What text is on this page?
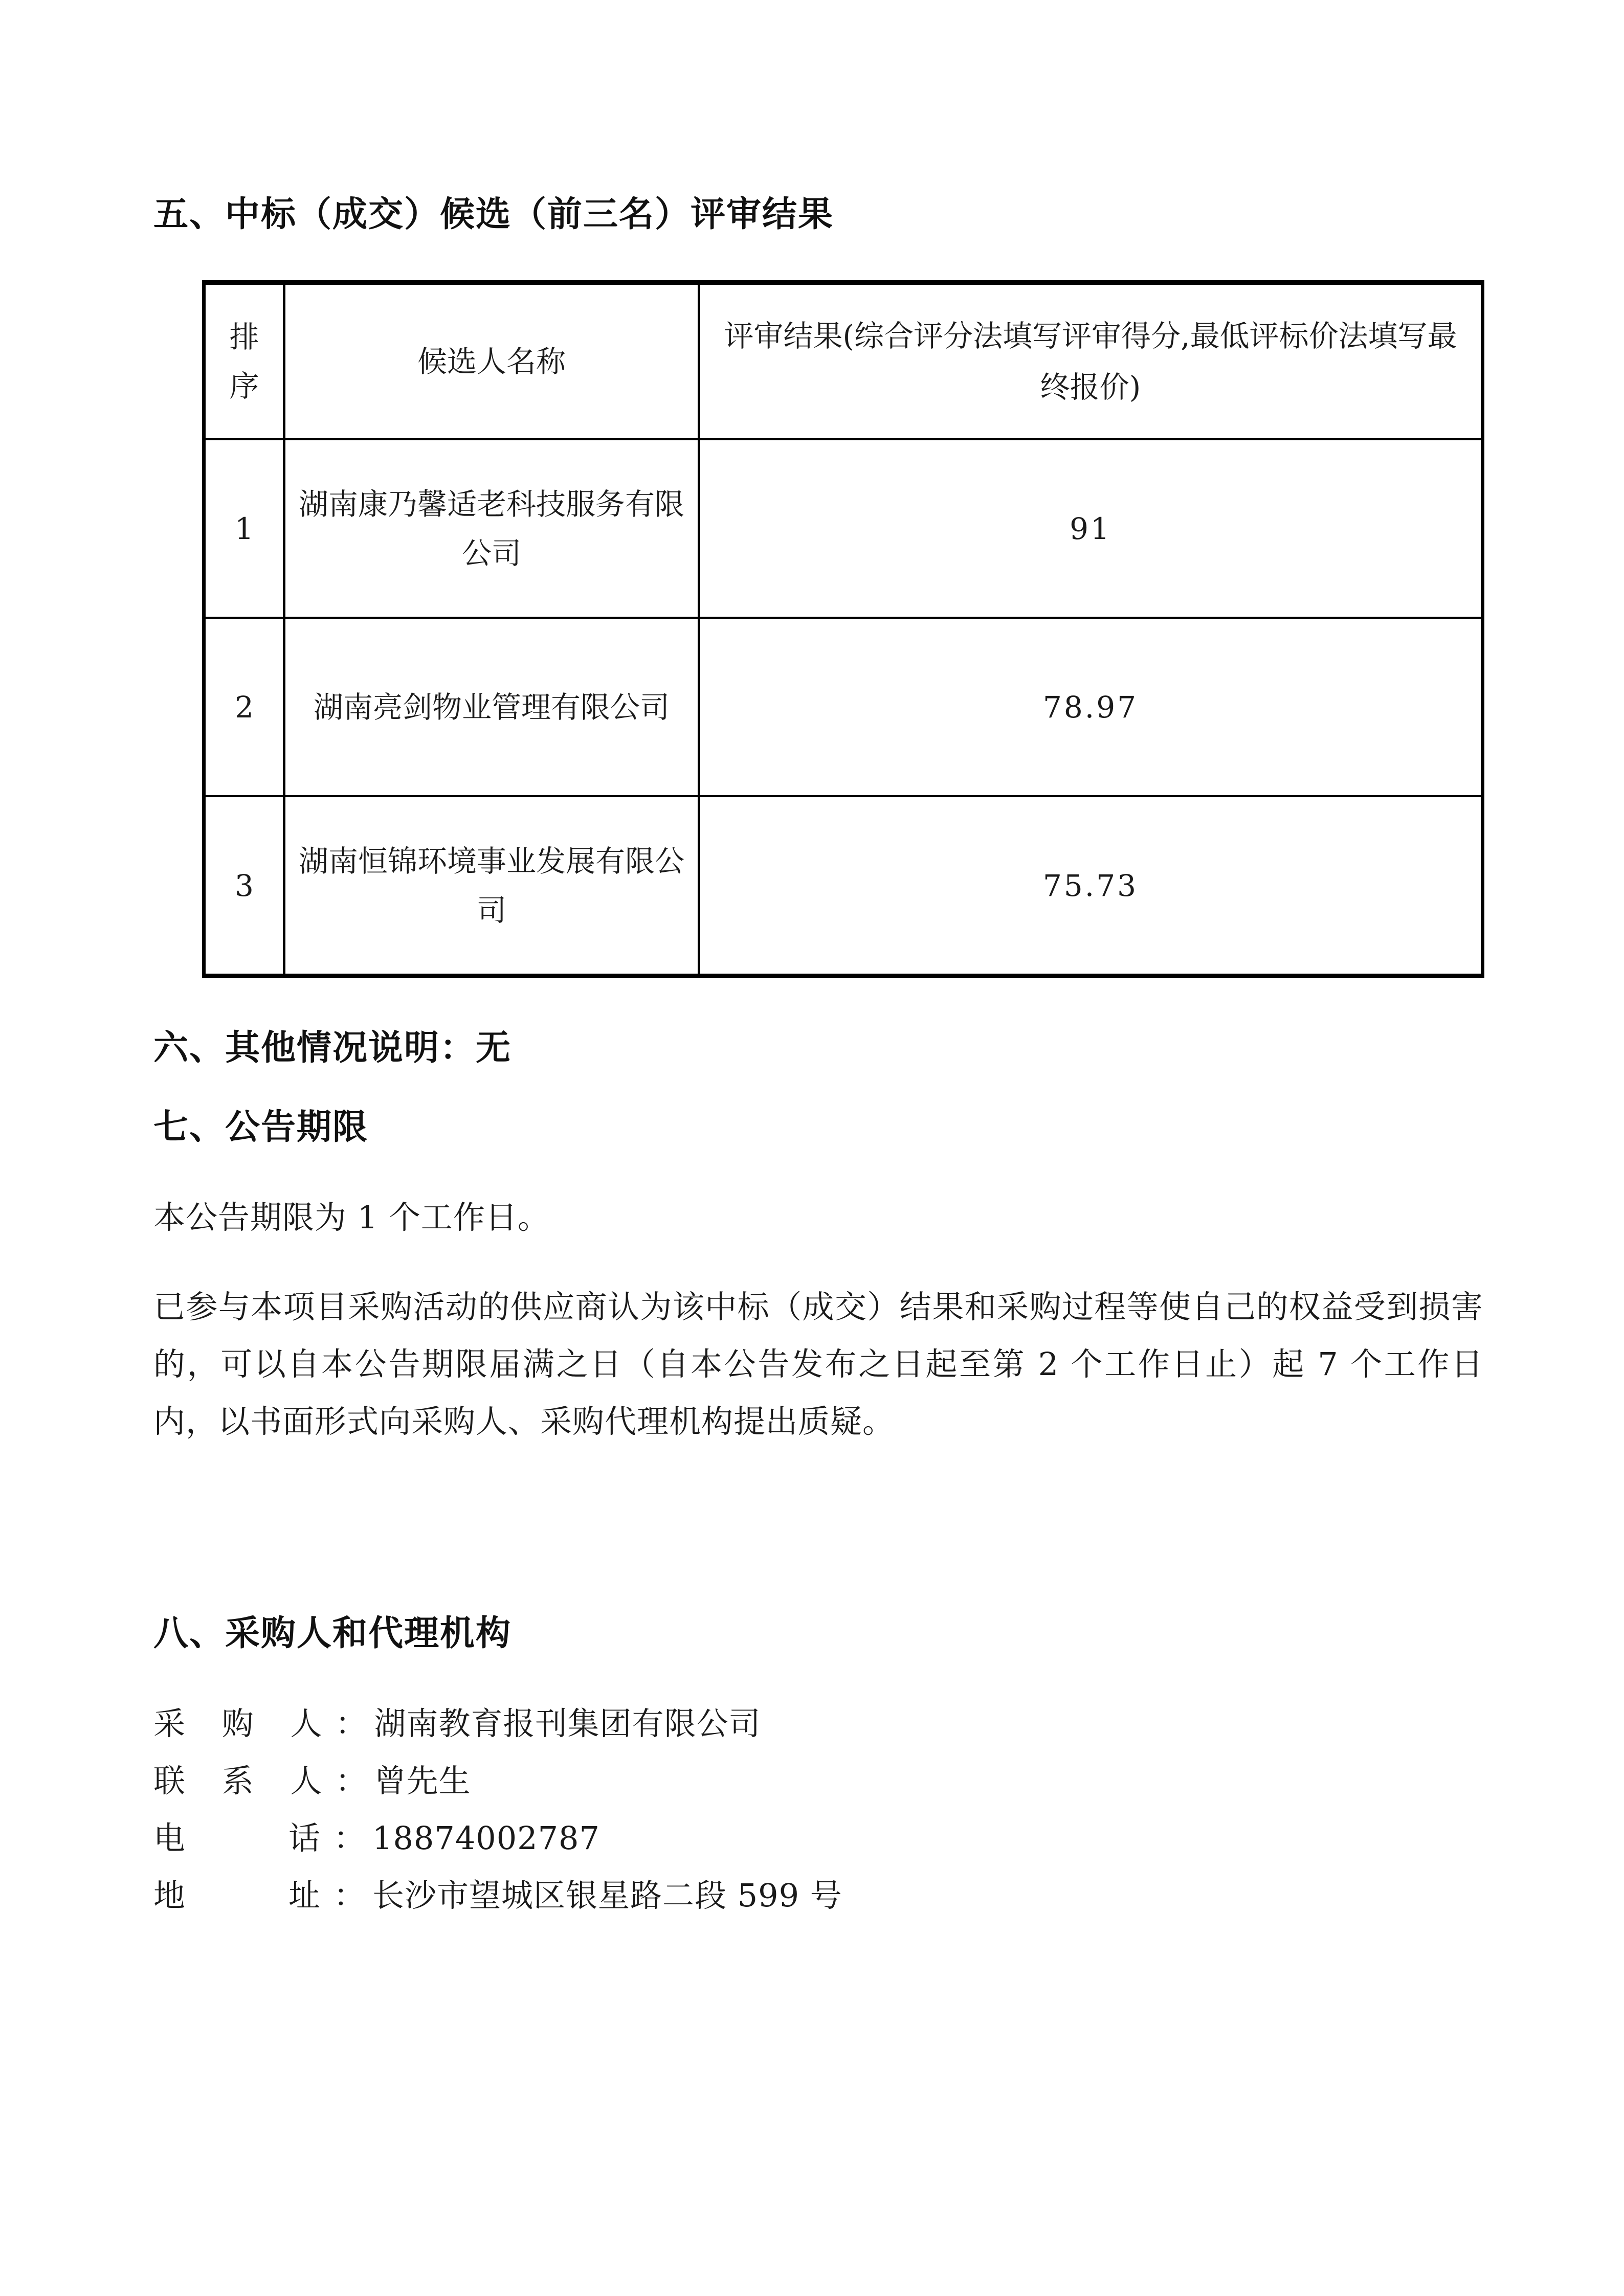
五、中标（成交）候选（前三名）评审结果
排
序	候选人名称	评审结果(综合评分法填写评审得分,最低评标价法填写最终报价)
1	湖南康乃馨适老科技服务有限公司	91
2	湖南亮剑物业管理有限公司	78.97
3	湖南恒锦环境事业发展有限公司	75.73
六、其他情况说明：无
七、公告期限

本公告期限为 1 个工作日。

已参与本项目采购活动的供应商认为该中标（成交）结果和采购过程等使自己的权益受到损害的，可以自本公告期限届满之日（自本公告发布之日起至第 2 个工作日止）起 7 个工作日内，以书面形式向采购人、采购代理机构提出质疑。

八、采购人和代理机构

采 购 人： 湖南教育报刊集团有限公司

联 系 人： 曾先生

电　　话： 18874002787

地　　址： 长沙市望城区银星路二段 599 号
